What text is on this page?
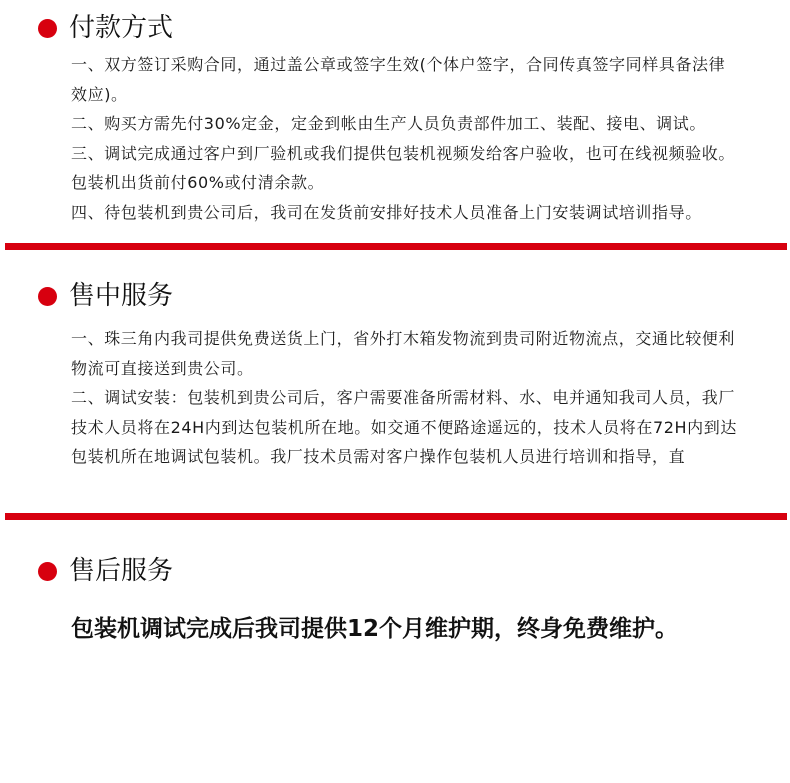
付款方式

一、双方签订采购合同，通过盖公章或签字生效(个体户签字，合同传真签字同样具备法律效应)。

二、购买方需先付30%定金，定金到帐由生产人员负责部件加工、装配、接电、调试。

三、调试完成通过客户到厂验机或我们提供包装机视频发给客户验收，也可在线视频验收。包装机出货前付60%或付清余款。

四、待包装机到贵公司后，我司在发货前安排好技术人员准备上门安装调试培训指导。

售中服务

一、珠三角内我司提供免费送货上门，省外打木箱发物流到贵司附近物流点，交通比较便利物流可直接送到贵公司。

二、调试安装：包装机到贵公司后，客户需要准备所需材料、水、电并通知我司人员，我厂技术人员将在24H内到达包装机所在地。如交通不便路途遥远的，技术人员将在72H内到达包装机所在地调试包装机。我厂技术员需对客户操作包装机人员进行培训和指导，直

售后服务
包装机调试完成后我司提供12个月维护期，终身免费维护。
